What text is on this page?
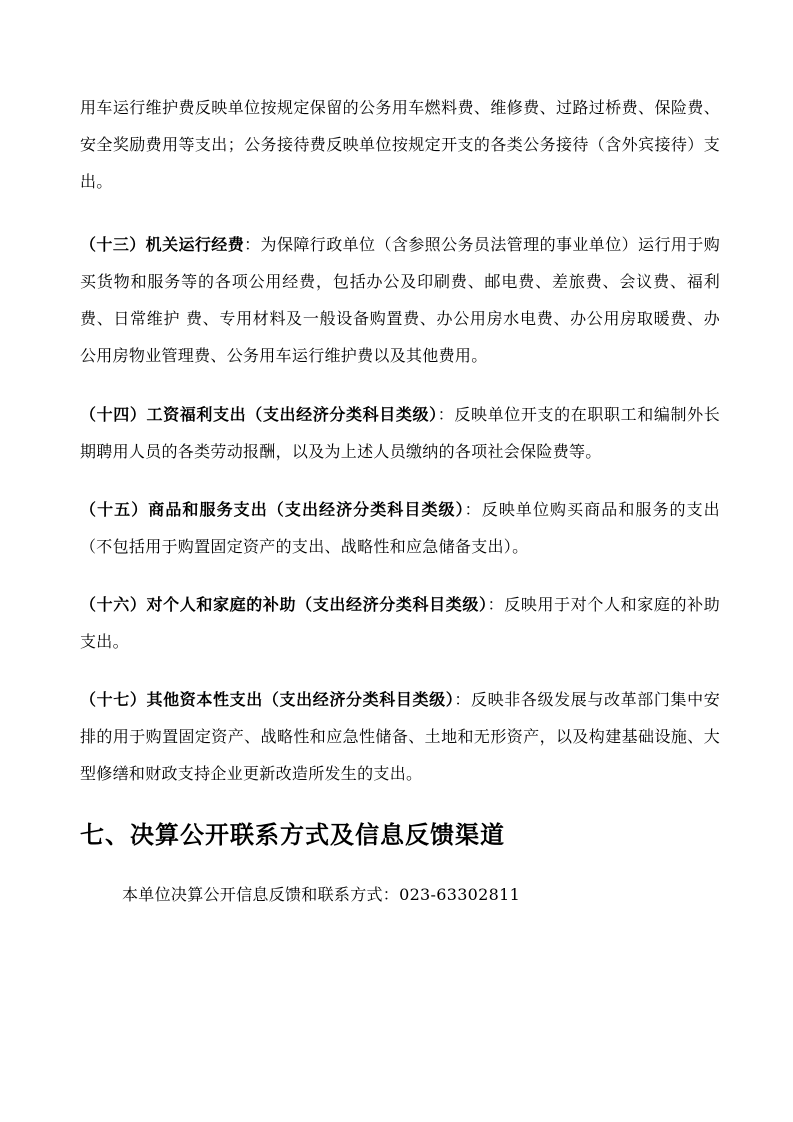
用车运行维护费反映单位按规定保留的公务用车燃料费、维修费、过路过桥费、保险费、安全奖励费用等支出；公务接待费反映单位按规定开支的各类公务接待（含外宾接待）支出。

（十三）机关运行经费：为保障行政单位（含参照公务员法管理的事业单位）运行用于购买货物和服务等的各项公用经费，包括办公及印刷费、邮电费、差旅费、会议费、福利费、日常维护 费、专用材料及一般设备购置费、办公用房水电费、办公用房取暖费、办公用房物业管理费、公务用车运行维护费以及其他费用。

（十四）工资福利支出（支出经济分类科目类级）：反映单位开支的在职职工和编制外长期聘用人员的各类劳动报酬，以及为上述人员缴纳的各项社会保险费等。

（十五）商品和服务支出（支出经济分类科目类级）：反映单位购买商品和服务的支出（不包括用于购置固定资产的支出、战略性和应急储备支出）。

（十六）对个人和家庭的补助（支出经济分类科目类级）：反映用于对个人和家庭的补助支出。

（十七）其他资本性支出（支出经济分类科目类级）：反映非各级发展与改革部门集中安排的用于购置固定资产、战略性和应急性储备、土地和无形资产，以及构建基础设施、大型修缮和财政支持企业更新改造所发生的支出。

七、决算公开联系方式及信息反馈渠道

本单位决算公开信息反馈和联系方式：023-63302811
